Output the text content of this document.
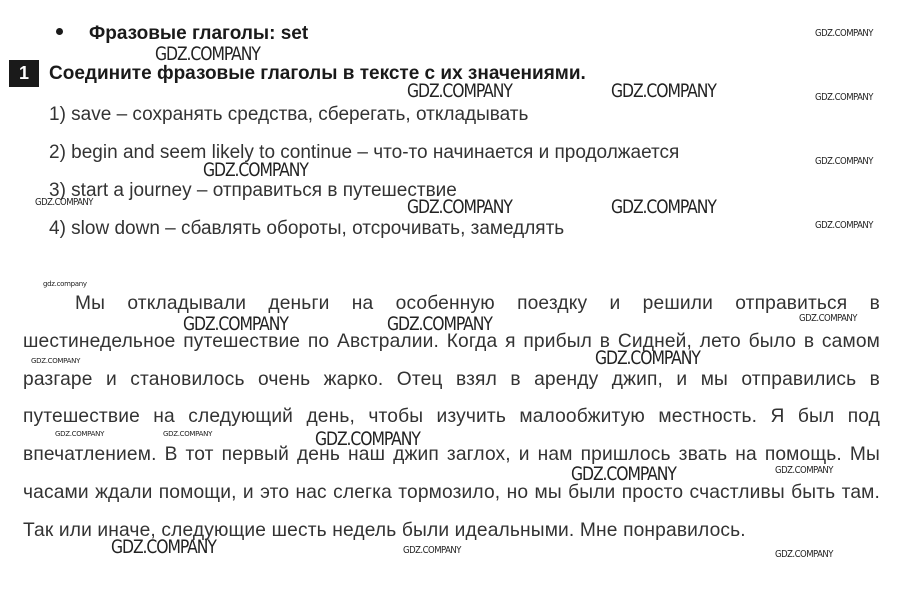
Фразовые глаголы: set
1 Соедините фразовые глаголы в тексте с их значениями.
1) save – сохранять средства, сберегать, откладывать
2) begin and seem likely to continue – что-то начинается и продолжается
3) start a journey – отправиться в путешествие
4) slow down – сбавлять обороты, отсрочивать, замедлять

Мы откладывали деньги на особенную поездку и решили отправиться в шестинедельное путешествие по Австралии. Когда я прибыл в Сидней, лето было в самом разгаре и становилось очень жарко. Отец взял в аренду джип, и мы отправились в путешествие на следующий день, чтобы изучить малообжитую местность. Я был под впечатлением. В тот первый день наш джип заглох, и нам пришлось звать на помощь. Мы часами ждали помощи, и это нас слегка тормозило, но мы были просто счастливы быть там. Так или иначе, следующие шесть недель были идеальными. Мне понравилось.

GDZ.COMPANY
GDZ.COMPANY	GDZ.COMPANY
GDZ.COMPANY
GDZ.COMPANY	GDZ.COMPANY
GDZ.COMPANY	GDZ.COMPANY
GDZ.COMPANY
GDZ.COMPANY
GDZ.COMPANY
GDZ.COMPANY
GDZ.COMPANY
GDZ.COMPANY
GDZ.COMPANY
GDZ.COMPANY
GDZ.COMPANY
GDZ.COMPANY
GDZ.COMPANY
GDZ.COMPANY	GDZ.COMPANY
gdz.company
GDZ.COMPANY
GDZ.COMPANY	GDZ.COMPANY
